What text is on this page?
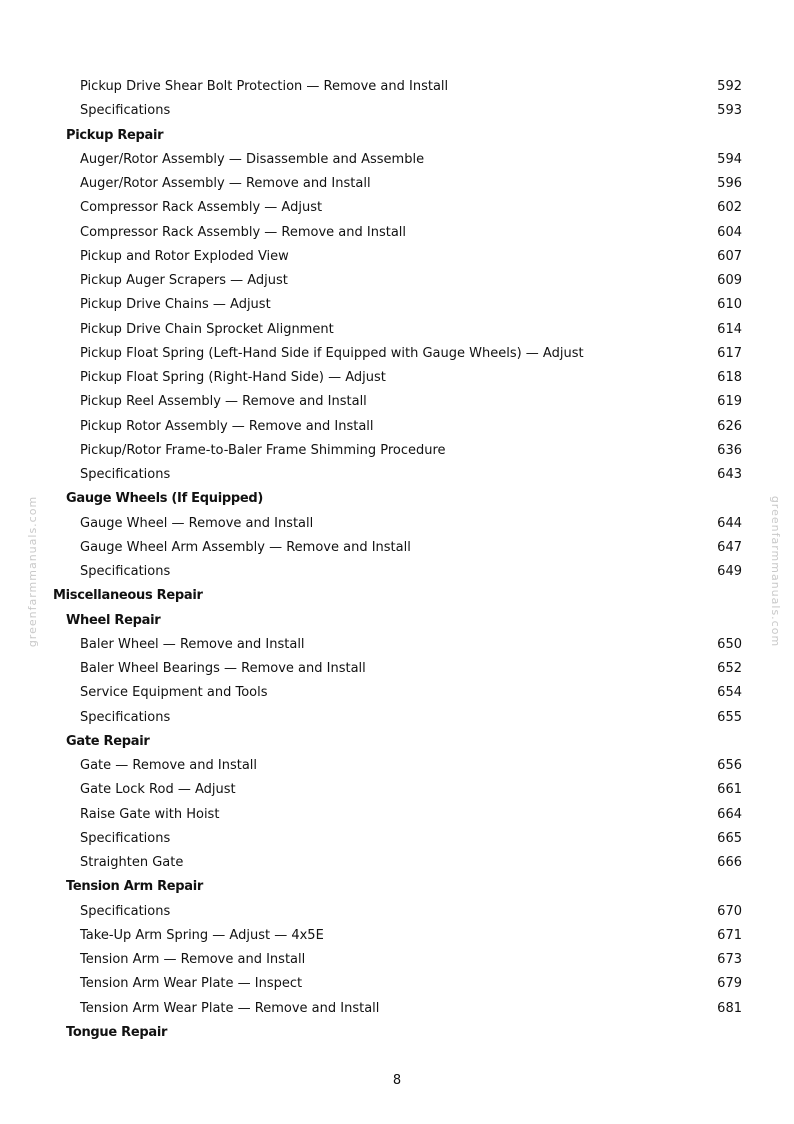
greenfarmmanuals.com	greenfarmmanuals.com
Pickup Drive Shear Bolt Protection — Remove and Install	592
Specifications	593
Pickup Repair
Auger/Rotor Assembly — Disassemble and Assemble	594
Auger/Rotor Assembly — Remove and Install	596
Compressor Rack Assembly — Adjust	602
Compressor Rack Assembly — Remove and Install	604
Pickup and Rotor Exploded View	607
Pickup Auger Scrapers — Adjust	609
Pickup Drive Chains — Adjust	610
Pickup Drive Chain Sprocket Alignment	614
Pickup Float Spring (Left-Hand Side if Equipped with Gauge Wheels) — Adjust	617
Pickup Float Spring (Right-Hand Side) — Adjust	618
Pickup Reel Assembly — Remove and Install	619
Pickup Rotor Assembly — Remove and Install	626
Pickup/Rotor Frame-to-Baler Frame Shimming Procedure	636
Specifications	643
Gauge Wheels (If Equipped)
Gauge Wheel — Remove and Install	644
Gauge Wheel Arm Assembly — Remove and Install	647
Specifications	649
Miscellaneous Repair
Wheel Repair
Baler Wheel — Remove and Install	650
Baler Wheel Bearings — Remove and Install	652
Service Equipment and Tools	654
Specifications	655
Gate Repair
Gate — Remove and Install	656
Gate Lock Rod — Adjust	661
Raise Gate with Hoist	664
Specifications	665
Straighten Gate	666
Tension Arm Repair
Specifications	670
Take-Up Arm Spring — Adjust — 4x5E	671
Tension Arm — Remove and Install	673
Tension Arm Wear Plate — Inspect	679
Tension Arm Wear Plate — Remove and Install	681
Tongue Repair
8
